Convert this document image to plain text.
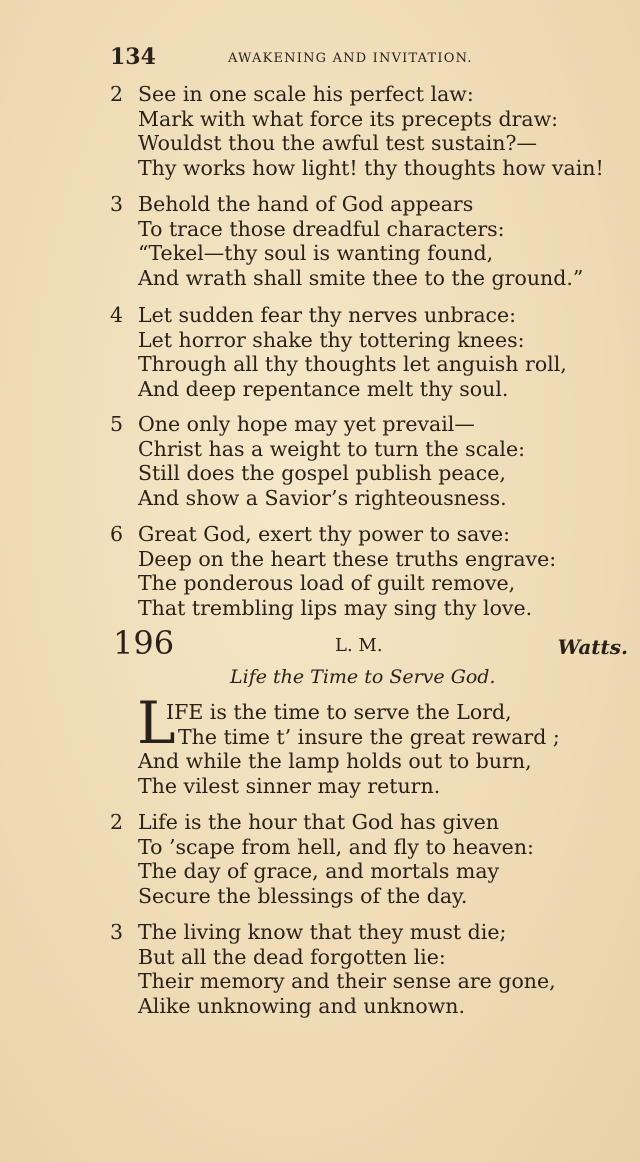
134	AWAKENING AND INVITATION.
2 See in one scale his perfect law:
Mark with what force its precepts draw:
Wouldst thou the awful test sustain?—
Thy works how light! thy thoughts how vain!
3 Behold the hand of God appears
To trace those dreadful characters:
“Tekel—thy soul is wanting found,
And wrath shall smite thee to the ground.”
4 Let sudden fear thy nerves unbrace:
Let horror shake thy tottering knees:
Through all thy thoughts let anguish roll,
And deep repentance melt thy soul.
5 One only hope may yet prevail—
Christ has a weight to turn the scale:
Still does the gospel publish peace,
And show a Savior’s righteousness.
6 Great God, exert thy power to save:
Deep on the heart these truths engrave:
The ponderous load of guilt remove,
That trembling lips may sing thy love.
196	L. M.	Watts.
Life the Time to Serve God.
L
IFE is the time to serve the Lord,
The time t’ insure the great reward ;
And while the lamp holds out to burn,
The vilest sinner may return.
2 Life is the hour that God has given
To ’scape from hell, and fly to heaven:
The day of grace, and mortals may
Secure the blessings of the day.
3 The living know that they must die;
But all the dead forgotten lie:
Their memory and their sense are gone,
Alike unknowing and unknown.
